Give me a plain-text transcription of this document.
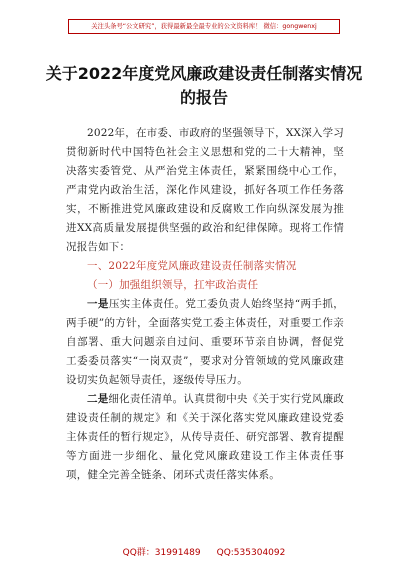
关注头条号“公文研究”，获得最新最全最专业的公文资料库！ 微信：gongwenxj
关于2022年度党风廉政建设责任制落实情况的报告

2022年，在市委、市政府的坚强领导下，XX深入学习贯彻新时代中国特色社会主义思想和党的二十大精神，坚决落实委管党、从严治党主体责任，紧紧围绕中心工作，严肃党内政治生活，深化作风建设，抓好各项工作任务落实，不断推进党风廉政建设和反腐败工作向纵深发展为推进XX高质量发展提供坚强的政治和纪律保障。现将工作情况报告如下：

一、2022年度党风廉政建设责任制落实情况

（一）加强组织领导，扛牢政治责任

一是压实主体责任。党工委负责人始终坚持“两手抓，两手硬”的方针，全面落实党工委主体责任，对重要工作亲自部署、重大问题亲自过问、重要环节亲自协调，督促党工委委员落实“一岗双责”，要求对分管领域的党风廉政建设切实负起领导责任，逐级传导压力。

二是细化责任清单。认真贯彻中央《关于实行党风廉政建设责任制的规定》和《关于深化落实党风廉政建设党委主体责任的暂行规定》，从传导责任、研究部署、教育提醒等方面进一步细化、量化党风廉政建设工作主体责任事项，健全完善全链条、闭环式责任落实体系。

QQ群：31991489 QQ:535304092
